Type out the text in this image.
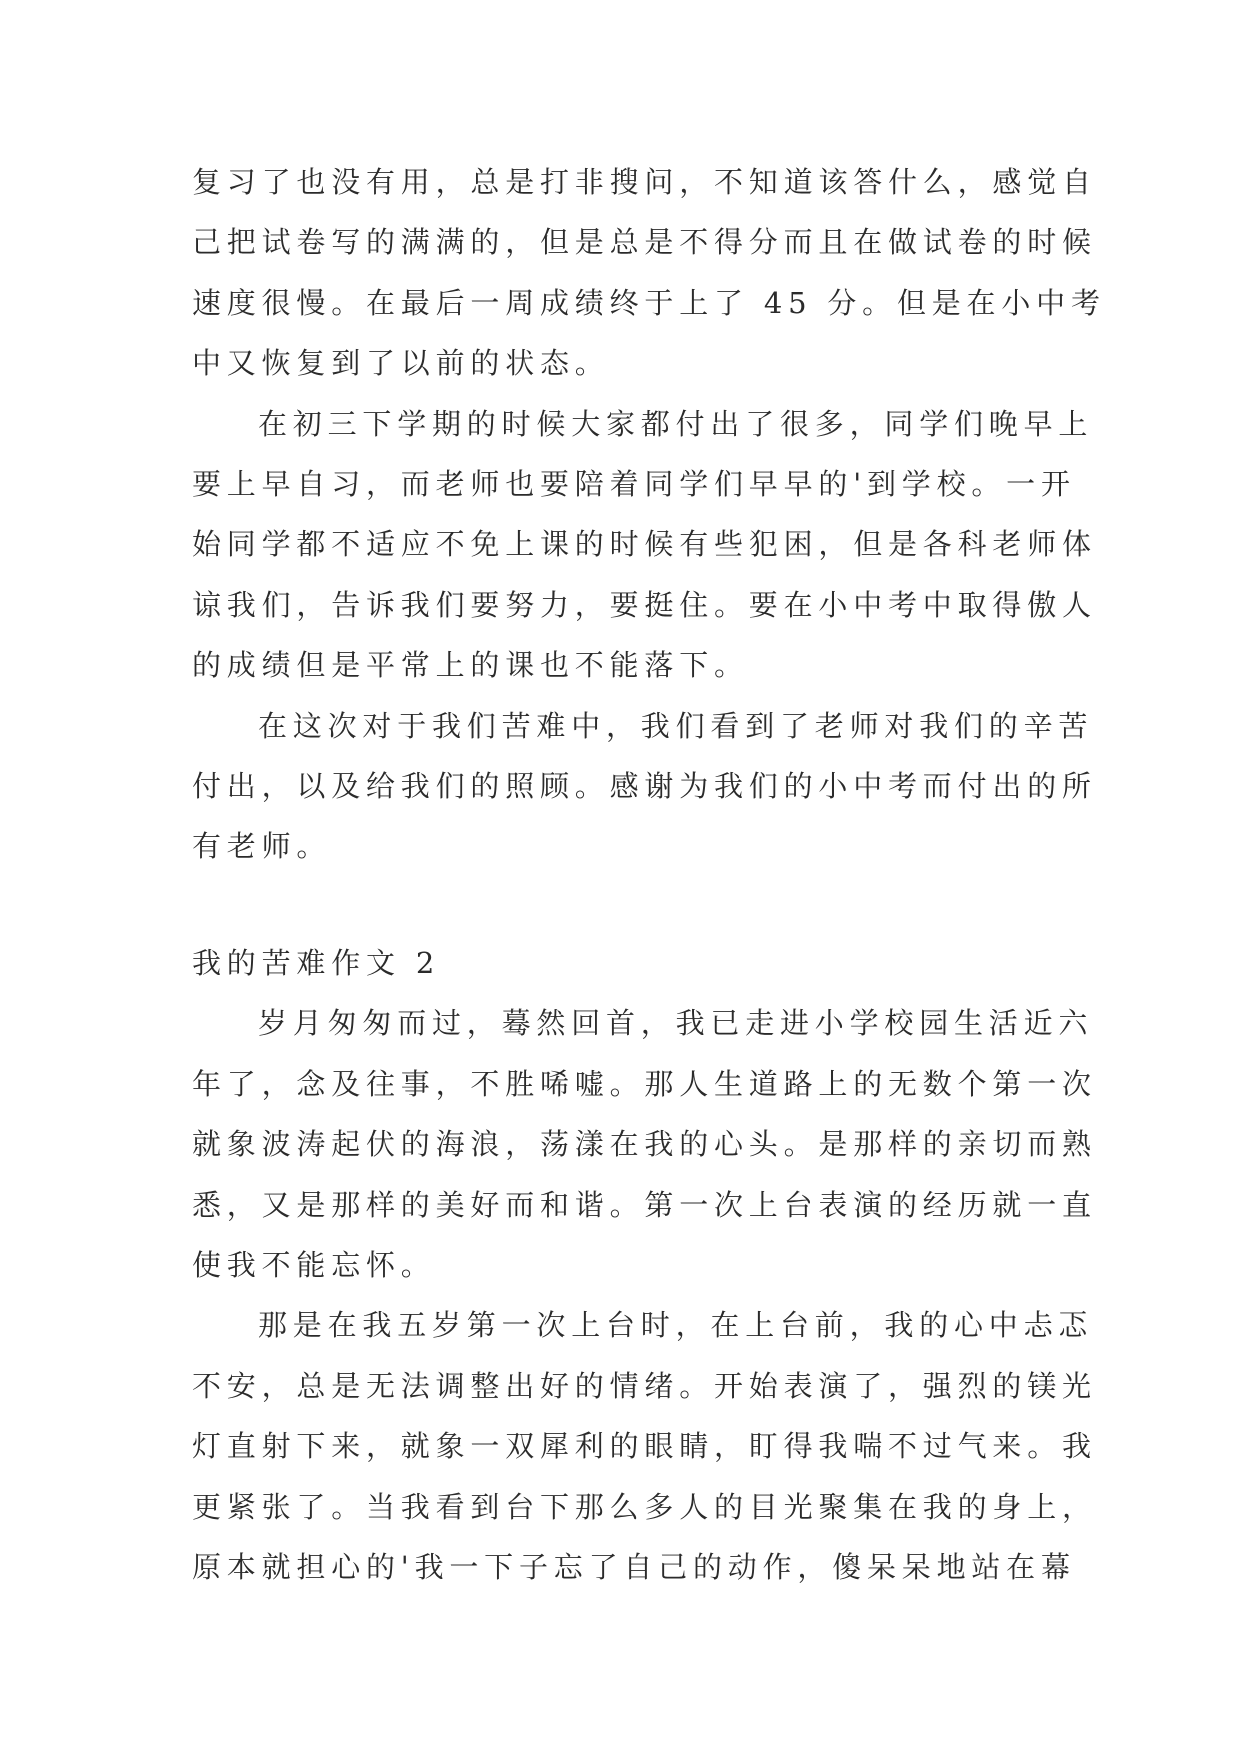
复习了也没有用，总是打非搜问，不知道该答什么，感觉自
己把试卷写的满满的，但是总是不得分而且在做试卷的时候
速度很慢。在最后一周成绩终于上了 45 分。但是在小中考
中又恢复到了以前的状态。

在初三下学期的时候大家都付出了很多，同学们晚早上
要上早自习，而老师也要陪着同学们早早的'到学校。一开
始同学都不适应不免上课的时候有些犯困，但是各科老师体
谅我们，告诉我们要努力，要挺住。要在小中考中取得傲人
的成绩但是平常上的课也不能落下。

在这次对于我们苦难中，我们看到了老师对我们的辛苦
付出，以及给我们的照顾。感谢为我们的小中考而付出的所
有老师。

我的苦难作文 2

岁月匆匆而过，蓦然回首，我已走进小学校园生活近六
年了，念及往事，不胜唏嘘。那人生道路上的无数个第一次
就象波涛起伏的海浪，荡漾在我的心头。是那样的亲切而熟
悉，又是那样的美好而和谐。第一次上台表演的经历就一直
使我不能忘怀。

那是在我五岁第一次上台时，在上台前，我的心中忐忑
不安，总是无法调整出好的情绪。开始表演了，强烈的镁光
灯直射下来，就象一双犀利的眼睛，盯得我喘不过气来。我
更紧张了。当我看到台下那么多人的目光聚集在我的身上，
原本就担心的'我一下子忘了自己的动作，傻呆呆地站在幕
